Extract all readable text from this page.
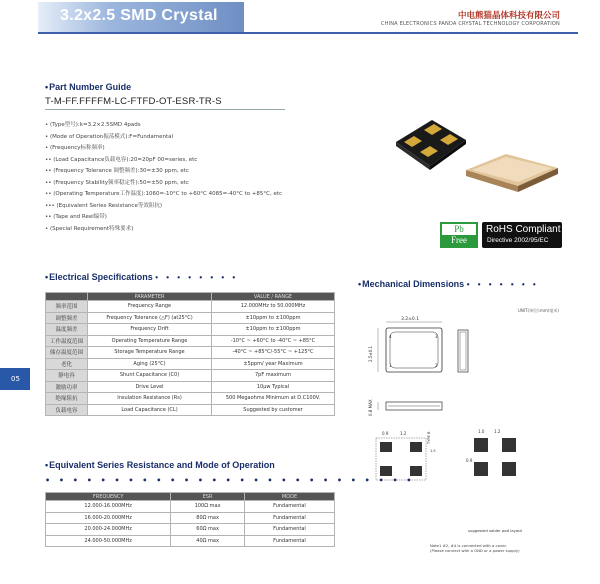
3.2x2.5 SMD Crystal	中电熊猫晶体科技有限公司
CHINA ELECTRONICS PANDA CRYSTAL TECHNOLOGY CORPORATION
•Part Number Guide
T-M-FF.FFFFM-LC-FTFD-OT-ESR-TR-S
• (Type型号):k=3.2×2.5SMD 4pads
• (Mode of Operation振荡模式):F=Fundamental
• (Frequency标称频率)
•• (Load Capacitance负载电容):20=20pF 00=series, etc
•• (Frequency Tolerance 调整频差):30=±30 ppm, etc
•• (Frequency Stability频率稳定性):50=±50 ppm, etc
•• (Operating Temperature工作温度):1060=-10°C to +60°C 4085=-40°C to +85°C, etc
••• (Equivalent Series Resistance等效阻抗)
•• (Tape and Reel编带)
• (Special Requirement特殊要求)	Pb
Free
RoHS Compliant
Directive 2002/95/EC
05
•Electrical Specifications • • • • • • • •
	PARAMETER	VALUE / RANGE
频率范围	Frequency Range	12.000MHz to 50.000MHz
调整频差	Frequency Tolerance (△F) (at25°C)	±10ppm to ±100ppm
温度频差	Frequency Drift	±10ppm to ±100ppm
工作温度范围	Operating Temperature Range	-10°C ~ +60°C to -40°C ~ +85°C
储存温度范围	Storage Temperature Range	-40°C ~ +85°C/-55°C ~ +125°C
老化	Aging (25°C)	±5ppm/ year Maximum
静电容	Shunt Capacitance (C0)	7pF maximum
激励功率	Drive Level	10μw Typical
绝缘阻抗	Insulation Resistance (Rs)	500 Megaohms Minimum at D.C100V.
负载电容	Load Capacitance (CL)	Suggested by customer
•Equivalent Series Resistance and Mode of Operation
• • • • • • • • • • • • • • • • • • • • • • • • • • •
FREQUENCY	ESR	MODE
12.000-16.000MHz	100Ω max	Fundamental
16.000-20.000MHz	80Ω max	Fundamental
20.000-24.000MHz	60Ω max	Fundamental
24.000-50.000MHz	40Ω max	Fundamental
•Mechanical Dimensions • • • • • • •
UNIT(单位):mm(毫米)
3.2±0.1
2.5±0.1
4	3
1	2
0.8 MAX
0.9	1.2
1.5
TYPE B
1.0 1.2
0.9
suggested solder pad layout
Note1 #2, #4 is connected with a cover.
(Please connect with a GND or a power supply)
